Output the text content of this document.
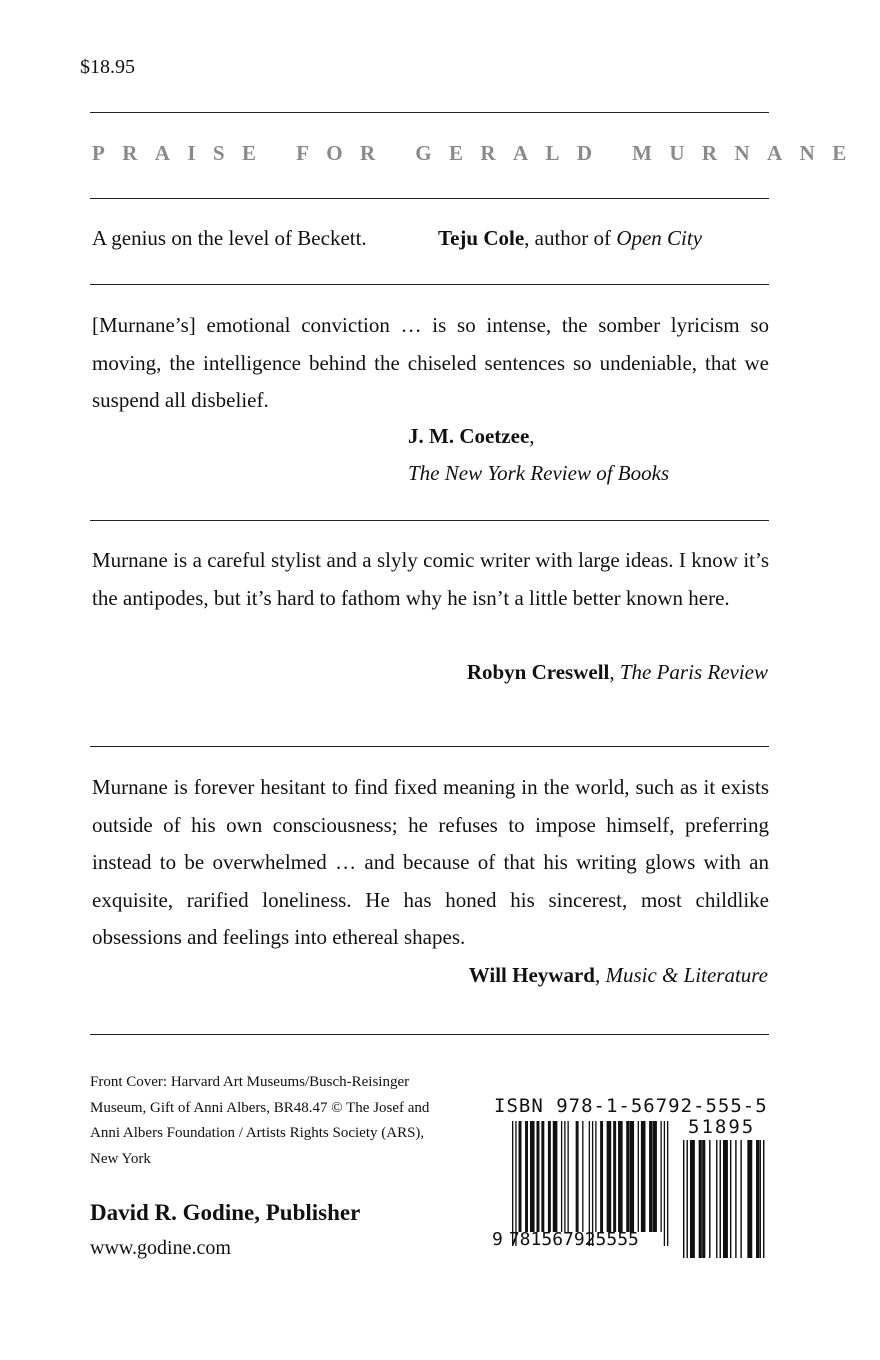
$18.95
PRAISE FOR GERALD MURNANE
A genius on the level of Beckett.	Teju Cole, author of Open City
[Murnane’s] emotional conviction … is so intense, the somber lyricism so moving, the intelligence behind the chiseled sentences so undeniable, that we suspend all disbelief.
J. M. Coetzee,
The New York Review of Books
Murnane is a careful stylist and a slyly comic writer with large ideas. I know it’s the antipodes, but it’s hard to fathom why he isn’t a little better known here.
Robyn Creswell, The Paris Review
Murnane is forever hesitant to find fixed meaning in the world, such as it exists outside of his own consciousness; he refuses to impose himself, preferring instead to be overwhelmed … and because of that his writing glows with an exquisite, rarified loneliness. He has honed his sincerest, most childlike obsessions and feelings into ethereal shapes.
Will Heyward, Music & Literature
Front Cover: Harvard Art Museums/Busch-Reisinger Museum, Gift of Anni Albers, BR48.47 © The Josef and Anni Albers Foundation / Artists Rights Society (ARS), New York
David R. Godine, Publisher
www.godine.com
ISBN 978-1-56792-555-5
51895
9 781567925555
